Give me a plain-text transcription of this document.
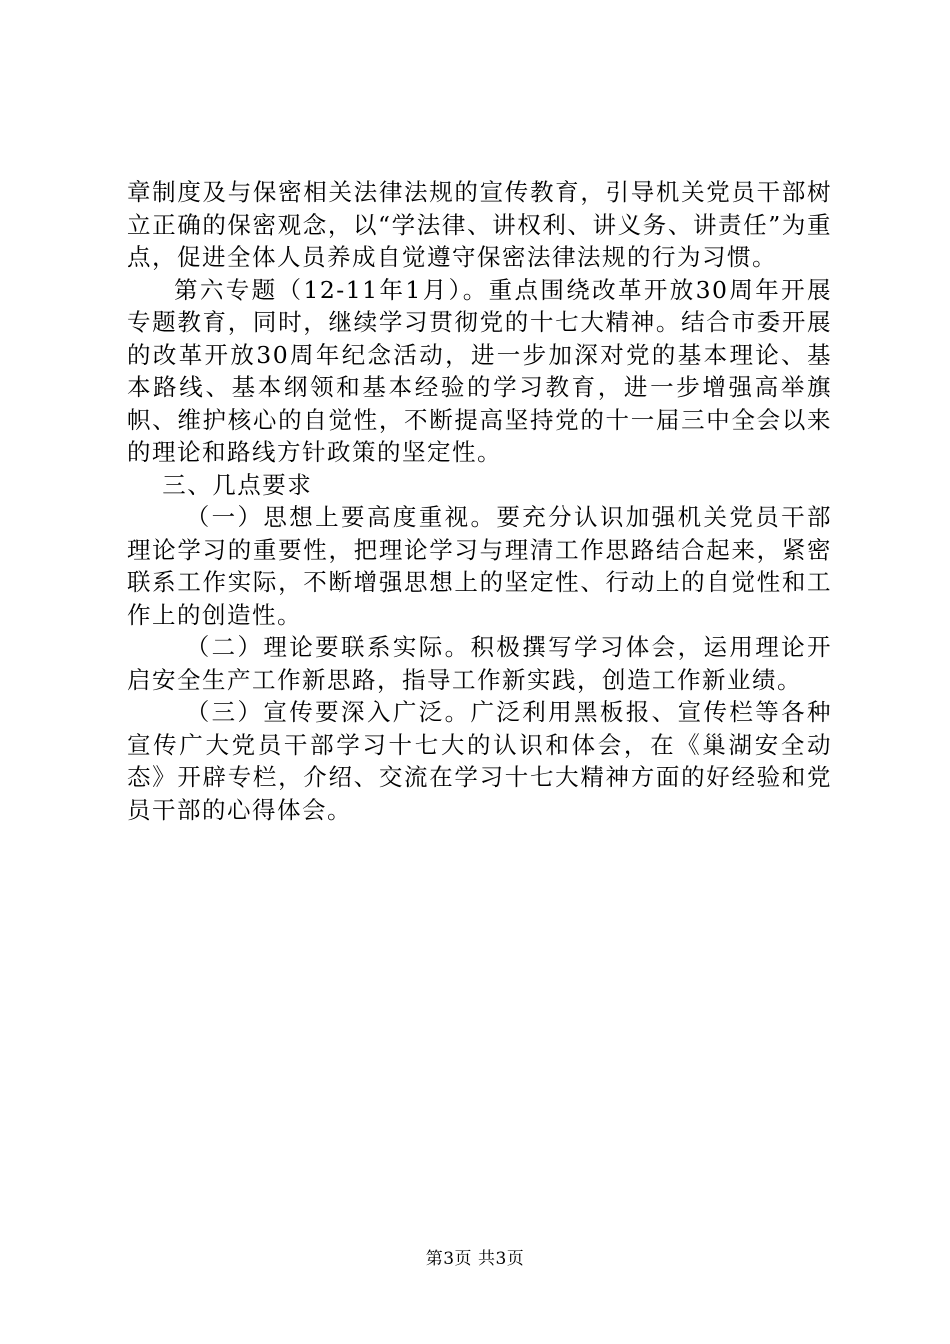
章制度及与保密相关法律法规的宣传教育，引导机关党员干部树立正确的保密观念，以“学法律、讲权利、讲义务、讲责任”为重点，促进全体人员养成自觉遵守保密法律法规的行为习惯。

第六专题（12-11年1月）。重点围绕改革开放30周年开展专题教育，同时，继续学习贯彻党的十七大精神。结合市委开展的改革开放30周年纪念活动，进一步加深对党的基本理论、基本路线、基本纲领和基本经验的学习教育，进一步增强高举旗帜、维护核心的自觉性，不断提高坚持党的十一届三中全会以来的理论和路线方针政策的坚定性。

三、几点要求

（一）思想上要高度重视。要充分认识加强机关党员干部理论学习的重要性，把理论学习与理清工作思路结合起来，紧密联系工作实际，不断增强思想上的坚定性、行动上的自觉性和工作上的创造性。

（二）理论要联系实际。积极撰写学习体会，运用理论开启安全生产工作新思路，指导工作新实践，创造工作新业绩。

（三）宣传要深入广泛。广泛利用黑板报、宣传栏等各种宣传广大党员干部学习十七大的认识和体会，在《巢湖安全动态》开辟专栏，介绍、交流在学习十七大精神方面的好经验和党员干部的心得体会。

第3页 共3页
